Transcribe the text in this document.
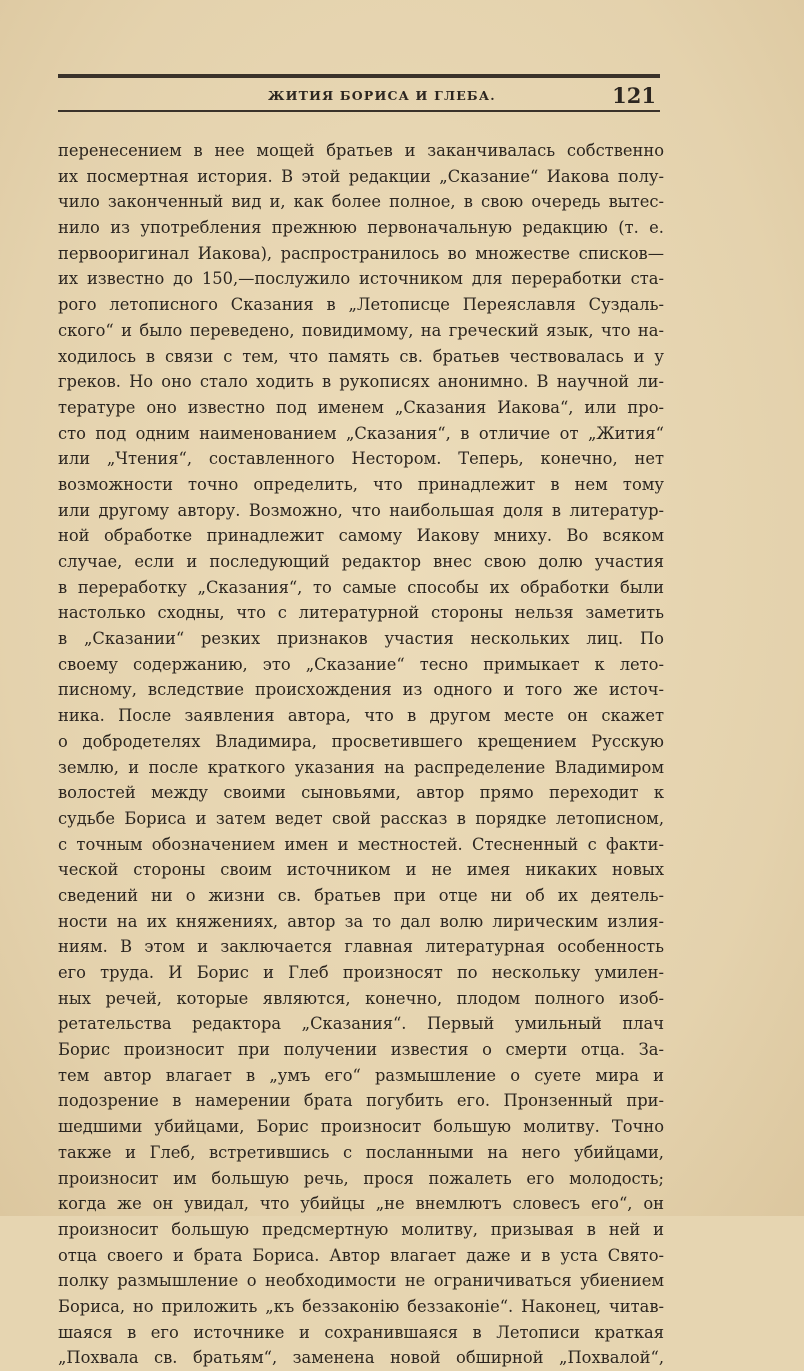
ЖИТИЯ БОРИСА И ГЛЕБА.	121
перенесением в нее мощей братьев и заканчивалась собственно
их посмертная история. В этой редакции „Сказание“ Иакова полу-
чило законченный вид и, как более полное, в свою очередь вытес-
нило из употребления прежнюю первоначальную редакцию (т. е.
первооригинал Иакова), распространилось во множестве списков—
их известно до 150,—послужило источником для переработки ста-
рого летописного Сказания в „Летописце Переяславля Суздаль-
ского“ и было переведено, повидимому, на греческий язык, что на-
ходилось в связи с тем, что память св. братьев чествовалась и у
греков. Но оно стало ходить в рукописях анонимно. В научной ли-
тературе оно известно под именем „Сказания Иакова“, или про-
сто под одним наименованием „Сказания“, в отличие от „Жития“
или „Чтения“, составленного Нестором. Теперь, конечно, нет
возможности точно определить, что принадлежит в нем тому
или другому автору. Возможно, что наибольшая доля в литератур-
ной обработке принадлежит самому Иакову мниху. Во всяком
случае, если и последующий редактор внес свою долю участия
в переработку „Сказания“, то самые способы их обработки были
настолько сходны, что с литературной стороны нельзя заметить
в „Сказании“ резких признаков участия нескольких лиц. По
своему содержанию, это „Сказание“ тесно примыкает к лето-
писному, вследствие происхождения из одного и того же источ-
ника. После заявления автора, что в другом месте он скажет
о добродетелях Владимира, просветившего крещением Русскую
землю, и после краткого указания на распределение Владимиром
волостей между своими сыновьями, автор прямо переходит к
судьбе Бориса и затем ведет свой рассказ в порядке летописном,
с точным обозначением имен и местностей. Стесненный с факти-
ческой стороны своим источником и не имея никаких новых
сведений ни о жизни св. братьев при отце ни об их деятель-
ности на их княжениях, автор за то дал волю лирическим излия-
ниям. В этом и заключается главная литературная особенность
его труда. И Борис и Глеб произносят по нескольку умилен-
ных речей, которые являются, конечно, плодом полного изоб-
ретательства редактора „Сказания“. Первый умильный плач
Борис произносит при получении известия о смерти отца. За-
тем автор влагает в „умъ его“ размышление о суете мира и
подозрение в намерении брата погубить его. Пронзенный при-
шедшими убийцами, Борис произносит большую молитву. Точно
также и Глеб, встретившись с посланными на него убийцами,
произносит им большую речь, прося пожалеть его молодость;
когда же он увидал, что убийцы „не внемлютъ словесъ его“, он
произносит большую предсмертную молитву, призывая в ней и
отца своего и брата Бориса. Автор влагает даже и в уста Свято-
полку размышление о необходимости не ограничиваться убиением
Бориса, но приложить „къ беззаконiю беззаконiе“. Наконец, читав-
шаяся в его источнике и сохранившаяся в Летописи краткая
„Похвала св. братьям“, заменена новой обширной „Похвалой“,
